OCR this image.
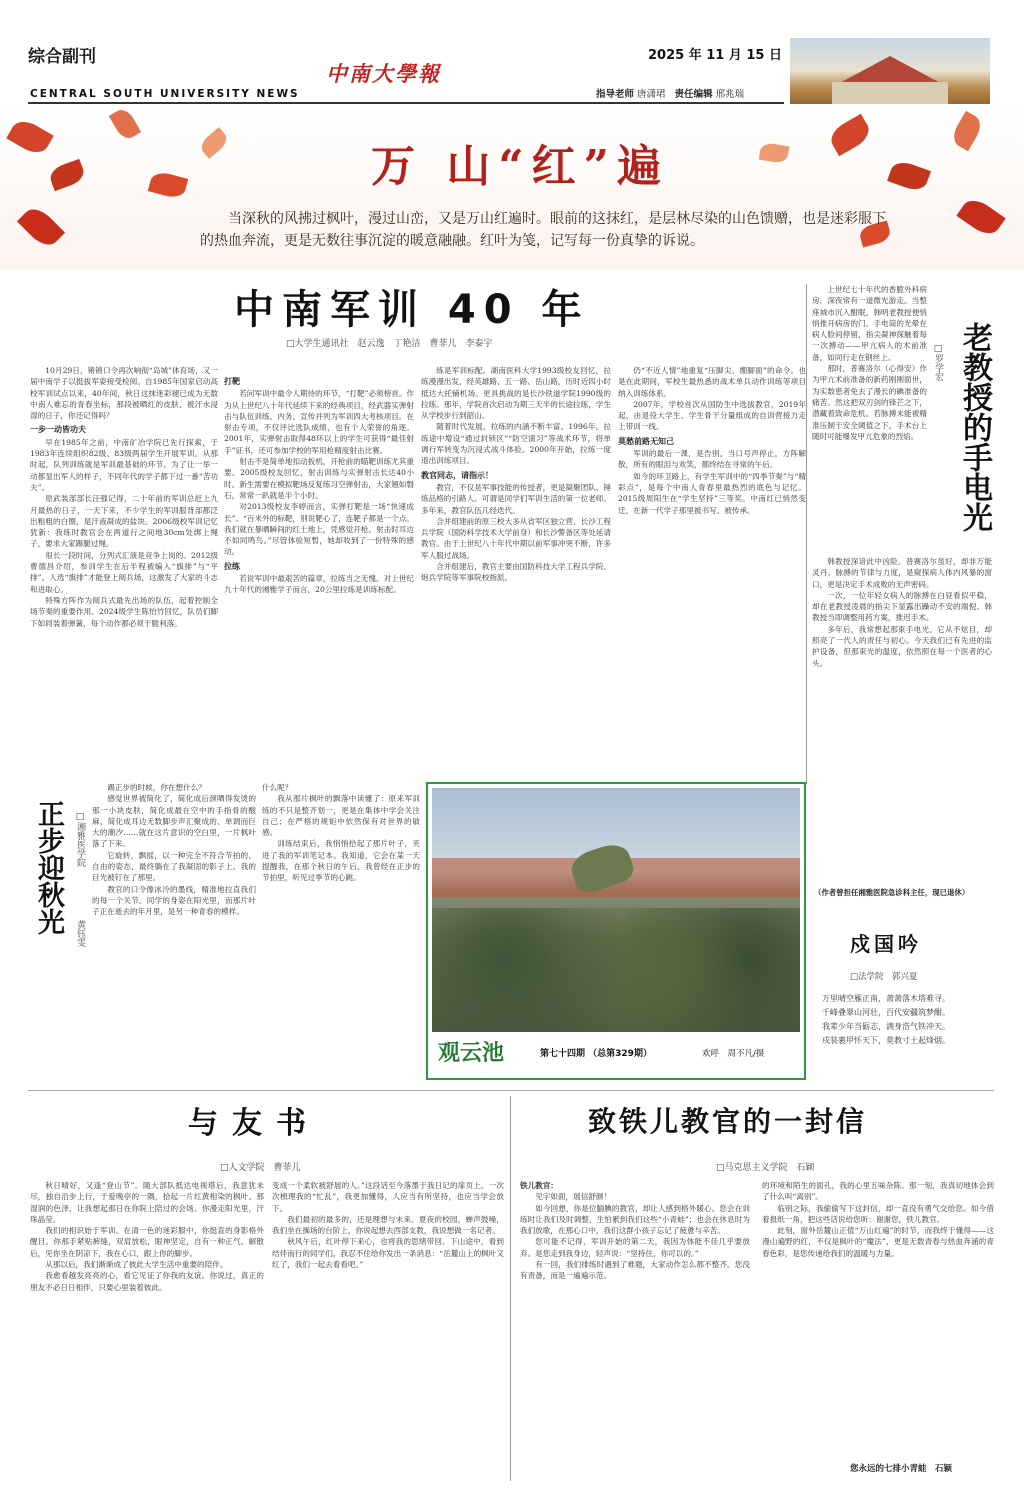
综合副刊	2025 年 11 月 15 日
中南大學報
CENTRAL SOUTH UNIVERSITY NEWS	指导老师 唐潇珺 责任编辑 邢兆瑞
万 山“红”遍
当深秋的风拂过枫叶，漫过山峦，又是万山红遍时。眼前的这抹红，是层林尽染的山色馈赠，也是迷彩服下的热血奔流，更是无数往事沉淀的暖意融融。红叶为笺，记写每一份真挚的诉说。
中南军训 40 年
□大学生通讯社　赵云逸　丁艳洁　曹菲儿　李泰宇

10月29日，锵锵口令再次响彻“岛城”体育场，又一届中南学子以挺拔军姿接受检阅。自1985年国家启动高校军训试点以来，40年间，秋日这抹迷彩褪已成为无数中南人难忘的青春坐标，那段被晒红的皮肤、被汗水浸湿的日子，你还记得吗？

一步一动皆功夫

早在1985年之前，中南矿冶学院已先行探索，于1983年连续组织82级、83级两届学生开展军训。从那时起，队列训练就是军训最基础的环节。为了让一举一动都显出军人的样子，不同年代的学子都下过一番“苦功夫”。

原武装部部长汪强记得，二十年前的军训总赶上九月最热的日子，一天下来，不少学生的军训服背部都泛出粗粗的白圈，是汗液凝成的盐块。2006级校军训记忆犹新：我练时教官会在两道行之间地30cm处绑上绳子，要求大家踢腿过绳。

很长一段时间，分列式汇演是竞争上岗的。2012级曹德昌介绍，参训学生在后半程被编入“旗排”与“平排”。人选“旗排”才能登上阅兵场，这激发了大家的斗志和进取心。

特殊方阵作为阅兵式最先出场的队伍，起着控制全场节奏的重要作用。2024级学生陈怡竹回忆，队员们脚下如同装着弹簧，每个动作都必须干脆利落。

打靶

若问军训中最令人期待的环节，“打靶”必须榜首。作为从上世纪八十年代延续下来的经典项目，经武器实弹射击与队伍训练、内务、宣传并列为军训四大考核项目。在射击专项，不仅评比选队成绩，也有个人荣誉的角逐。2001年，实弹射击取得48环以上的学生可获得“最佳射手”证书，还可参加学校的军用枪精度射击比赛。

射击不是简单地扣动扳机，开枪前的瞄靶训练尤其重要。2005级校友回忆，射击训练与实弹射击长达40小时。新生需要在模拟靶场反复练习空弹射击，大家翘如磐石，常常一趴就是半个小时。

对2013级校友李婷而言，实弹打靶是一场“快速成长”。“百米外的标靶，别说靶心了，连靶子都是一个点。我们就在暴晒瞬间的红土地上，凭感觉开枪。射击时耳边不如同鸣鸟。”尽管体验短暂，她却收到了一份特殊的感动。

拉练

若说军训中最艰苦的篇章，拉练当之无愧。对上世纪九十年代的湘雅学子而言，20公里拉练是训练标配。

练是军训标配。湖南医科大学1993级校友回忆，拉练漫漫出发，经英雄路、五一路、岳山路，历时近四小时抵达大托铺机场。更具挑战的是长沙铁道学院1990级的拉练。那年，学院首次启动为期三天半的长途拉练，学生从学校步行到韶山。

随着时代发展，拉练的内涵不断丰富。1996年，拉练途中增设“通过封锁区”“防空演习”等战术环节，将单调行军转变为沉浸式战斗体验。2000年开始，拉练一度退出训练项目。

教官同志，请指示！

教官，不仅是军事技能的传授者，更是凝聚团队、锤炼品格的引路人。可谓是同学们军训生活的第一位老师。多年来，教官队伍几经迭代。

合并组建前的原三校大多从省军区独立营、长沙工程兵学院（国防科学技术大学前身）和长沙警备区等处延请教官。由于上世纪八十年代中期以前军事冲突不断，许多军人服过战场。

合并组建后，教官主要由国防科技大学工程兵学院、炮兵学院等军事院校指派。

仍“不近人情”地重复“压脚尖、绷脚面”的命令。也是在此期间，军校生最热悉的战术单兵动作训练等项目纳入训练体系。

2007年，学校首次从国防生中选拔教官，2019年起，由退役大学生、学生骨干分量组成的自训营接力走上带训一线。

莫愁前路无知己

军训的最后一课，是告别。当口号声停止，方阵解散，所有的眼泪与欢笑，都终结在寻常的午后。

如今的环卫路上，有学生军训中的“四季节奏”与“精彩点”，是每个中南人青春里最热烈的底色与记忆。2015级周阳生在“学生坚持”三等奖。中南红已悄然变迁，在新一代学子那里被书写、被传承。	老教授的手电光
□罗学宏

上世纪七十年代的香脆外科病房，深夜常有一道微光游走。当整座城市沉入酣眠，韩明老教授便悄悄推开病房的门。手电筒的光晕在病人脸间停留，指尖凝神探触着每一次搏动——甲亢病人的术前准备，如同行走在钢丝上。

那时，普赛洛尔（心得安）作为甲亢术前准备的新药刚刚面世，为实数患者免去了漫长的碘准备的痛苦。然这把双刃剑的锋芒之下，潜藏着致命危机。若脉搏未能被精准压制于安全阈值之下，手术台上随时可能爆发甲亢危象的烈焰。

韩教授深谙此中凶险。普赛洛尔虽好，却非万能灵丹。脉搏的节律与力度，是窥探病人体内风暴的窗口，更是决定手术成败的无声密码。

一次，一位年轻女病人的脉搏在白昼看似平稳，却在老教授凌晨的指尖下显露出躁动不安的端倪。韩教授当即调整用药方案，推迟手术。

多年后，我常想起那束手电光。它从不炫目，却照亮了一代人的责任与初心。今天我们已有先进的监护设备，但那束光的温度，依然照在每一个医者的心头。

（作者曾担任湘雅医院急诊科主任，现已退休）
正步迎秋光 □湘雅医学院
黄钰雯

踢正步的时候，你在想什么？

感觉世界被简化了，简化成后颈晒得发烫的那一小块皮肤，简化成最在空中的手指骨的酸麻，简化成耳边无数脚步声汇聚成的、单调而巨大的潮汐……就在这片意识的空白里，一片枫叶落了下来。

它旋转，飘摇，以一种完全不符合节拍的、自由的姿态，最终躺在了我凝固的影子上。我的目光被钉在了那里。

教官的口令像冰冷的墨线，精准地拉直我们的每一个关节。同学的身姿在阳光里，而那片叶子正在逝去的年月里，是另一种青春的模样。

什么呢？

我从那片枫叶的飘落中读懂了：原来军训练的不只是整齐划一，更是在集体中学会关注自己；在严格的规矩中依然保有对世界的敏感。

训练结束后，我悄悄拾起了那片叶子，夹进了我的军训笔记本。我知道，它会在某一天提醒我，在那个秋日的午后，我曾经在正步的节拍里，听见过季节的心跳。

观云池	第七十四期 （总第329期）	欢呼　周不凡/摄
戍国吟
□法学院　郭兴夏
万里晴空雁正南，萧萧落木塔难寻。
千峰叠翠山河壮，百代安疆筑梦酣。
我辈少年当砺志，满身浩气铁冲天。
戍装裹甲怀天下，莫教寸土起烽烟。
与友书
□人文学院　曹菲儿

秋日晴好，又逢“登山节”。随大部队抵达电视塔后，我意犹未尽，独自沿步上行，于爱晚亭的一隅，拾起一片红黄相染的枫叶。那湿润的色泽，让我想起那日在你院上陪过的会场。你漫走阳光里，汗珠晶莹。

我们的相识始于军训。在清一色的迷彩服中，你挺直的身影格外醒目。你那手紧贴裤缝，双肩放松，眼神坚定，自有一种正气。解散后，见你坐在阴凉下，我在心口，跟上你的脚步。

从那以后，我们渐渐成了彼此大学生活中重要的陪伴。

我愈看越发亮亮的心，看它见证了你我的友谊。你说过，真正的朋友不必日日相伴，只要心里装着彼此。

变成一个柔软被舒展的人。”这段话至今落墨于我日记的扉页上。一次次梳理我的“忙乱”，我更加懂得，人应当有所坚持，也应当学会放下。

我们最初的最多的，还是理想与未来。夏夜的校园，蝉声鼓噪，我们坐在操场的台阶上，你说起想去西部支教，我说想做一名记者。

秋风午后，红叶停下来心，也将我的思绪带回。下山途中，看到结伴而行的同学们，我忍不住给你发出一条消息：“岳麓山上的枫叶又红了，我们一起去看看吧。”

致铁儿教官的一封信
□马克思主义学院　石颖

铁儿教官：

见字如面，展信舒颜！

如今回想，你是位腼腆的教官，却让人感到格外暖心。您会在训练时让我们及时调整，生怕累到我们这些“小青蛙”；也会在休息时为我们放歌，在那心口中，我们这群小孩子忘记了疲惫与辛苦。

您可能不记得，军训开始的第二天，我因为体能不佳几乎要放弃。是您走到我身边，轻声说：“坚持住，你可以的。”

有一回，我们排练时遇到了难题，大家动作怎么都不整齐。您没有责备，而是一遍遍示范。

的环境和陌生的面孔，我的心里五味杂陈。那一刻，我真切地体会到了什么叫“离别”。

临别之际，我偷偷写下这封信，却一直没有勇气交给您。如今借着报纸一角，把这些话说给您听：谢谢您，铁儿教官。

此刻，窗外岳麓山正值“万山红遍”的时节，而我终于懂得——这漫山遍野的红，不仅是枫叶的“魔法”，更是无数青春与热血奔涌的青春色彩，是您传递给我们的温暖与力量。

您永远的七排小青蛙　石颖
